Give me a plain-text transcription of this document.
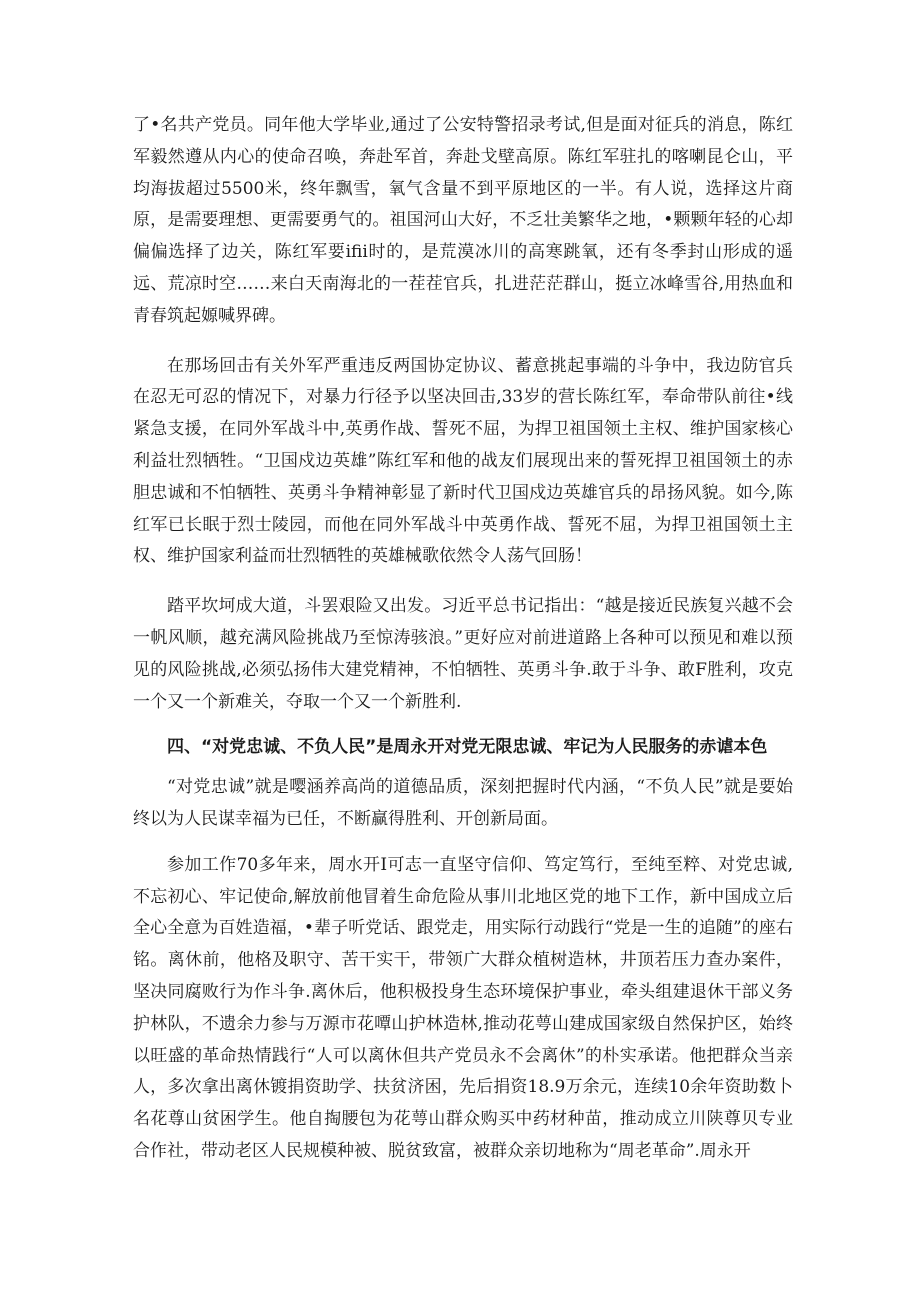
了•名共产党员。同年他大学毕业,通过了公安特警招录考试,但是面对征兵的消息，陈红军毅然遵从内心的使命召唤，奔赴军首，奔赴戈壁高原。陈红军驻扎的喀喇昆仑山，平均海拔超过5500米，终年飘雪，氧气含量不到平原地区的一半。有人说，选择这片商原，是需要理想、更需要勇气的。祖国河山大好，不乏壮美繁华之地，•颗颗年轻的心却偏偏选择了边关，陈红军要ifii时的，是荒漠冰川的高寒跳氧，还有冬季封山形成的遥远、荒凉时空……来白天南海北的一茬茬官兵，扎进茫茫群山，挺立冰峰雪谷,用热血和青春筑起嫄喊界碑。

在那场回击有关外军严重违反两国协定协议、蓄意挑起事端的斗争中，我边防官兵在忍无可忍的情况下，对暴力行径予以坚决回击,33岁的营长陈红军，奉命带队前往•线紧急支援，在同外军战斗中,英勇作战、誓死不屈，为捍卫祖国领土主权、维护国家核心利益壮烈牺牲。“卫国戍边英雄”陈红军和他的战友们展现出来的誓死捍卫祖国领土的赤胆忠诚和不怕牺牲、英勇斗争精神彰显了新时代卫国戍边英雄官兵的昂扬风貌。如今,陈红军已长眠于烈士陵园，而他在同外军战斗中英勇作战、誓死不屈，为捍卫祖国领土主权、维护国家利益而壮烈牺牲的英雄械歌依然令人荡气回肠！

踏平坎坷成大道，斗罢艰险又出发。习近平总书记指出：“越是接近民族复兴越不会一帆风顺，越充满风险挑战乃至惊涛骇浪。”更好应对前进道路上各种可以预见和难以预见的风险挑战,必须弘扬伟大建党精神，不怕牺牲、英勇斗争.敢于斗争、敢F胜利，攻克一个又一个新难关，夺取一个又一个新胜利.

四、“对党忠诚、不负人民”是周永开对党无限忠诚、牢记为人民服务的赤谑本色

“对党忠诚”就是嘤涵养高尚的道德品质，深刻把握时代内涵，“不负人民”就是要始终以为人民谋幸福为已任，不断赢得胜利、开创新局面。

参加工作70多年来，周水开I可志一直坚守信仰、笃定笃行，至纯至粹、对党忠诚,不忘初心、牢记使命,解放前他冒着生命危险从事川北地区党的地下工作，新中国成立后全心全意为百姓造福，•辈子听党话、跟党走，用实际行动践行“党是一生的追随”的座右铭。离休前，他格及职守、苦干实干，带领广大群众植树造林，井顶若压力查办案件，坚决同腐败行为作斗争.离休后，他积极投身生态环境保护事业，牵头组建退休干部义务护林队，不遗余力参与万源市花嘾山护林造林,推动花萼山建成国家级自然保护区，始终以旺盛的革命热情践行“人可以离休但共产党员永不会离休”的朴实承诺。他把群众当亲人，多次拿出离休镀捐资助学、扶贫济困，先后捐资18.9万余元，连续10余年资助数卜名花尊山贫困学生。他自掏腰包为花萼山群众购买中药材种苗，推动成立川陕尊贝专业合作社，带动老区人民规模种被、脱贫致富，被群众亲切地称为“周老革命”.周永开
